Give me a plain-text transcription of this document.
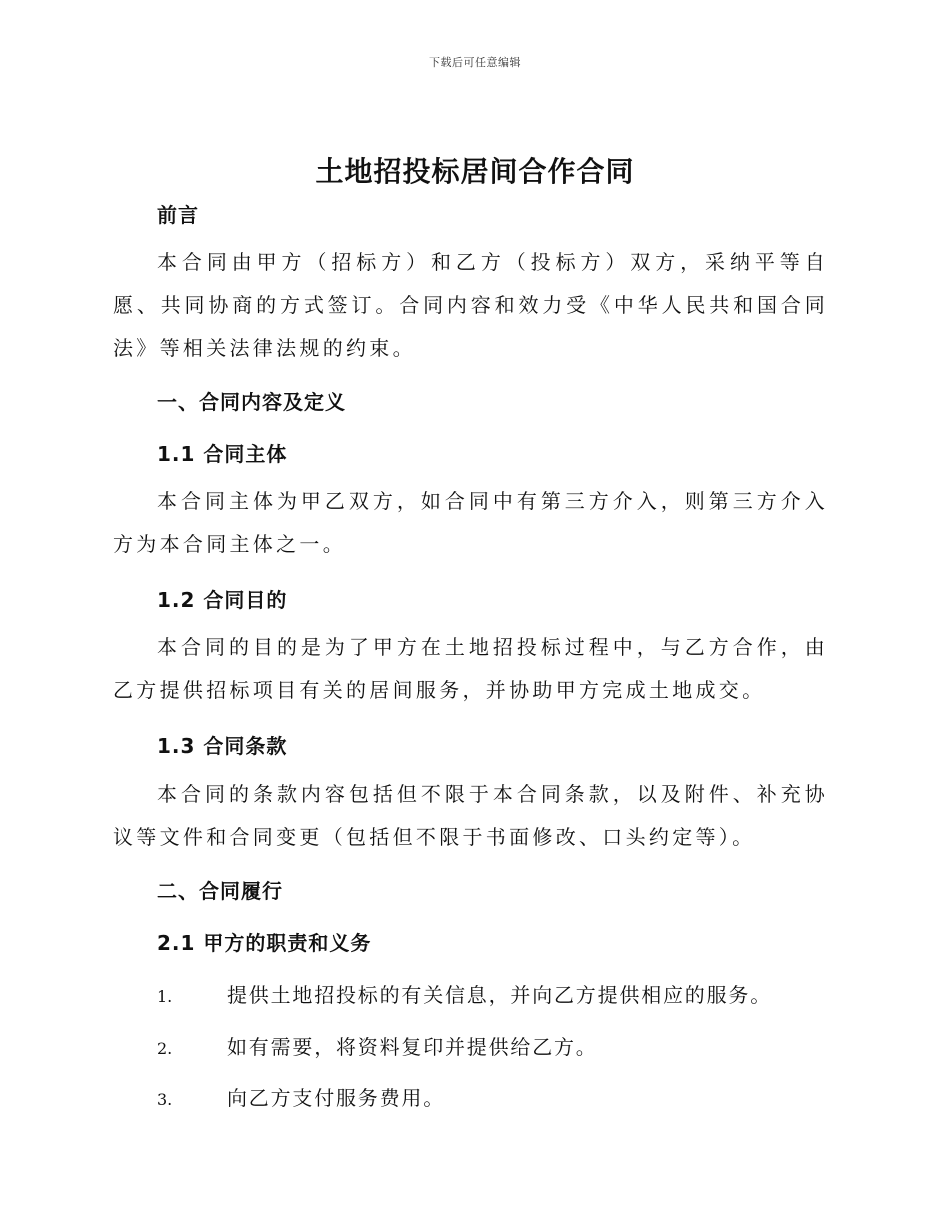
下载后可任意编辑
土地招投标居间合作合同
前言
本合同由甲方（招标方）和乙方（投标方）双方，采纳平等自愿、共同协商的方式签订。合同内容和效力受《中华人民共和国合同法》等相关法律法规的约束。
一、合同内容及定义
1.1 合同主体
本合同主体为甲乙双方，如合同中有第三方介入，则第三方介入方为本合同主体之一。
1.2 合同目的
本合同的目的是为了甲方在土地招投标过程中，与乙方合作，由乙方提供招标项目有关的居间服务，并协助甲方完成土地成交。
1.3 合同条款
本合同的条款内容包括但不限于本合同条款，以及附件、补充协议等文件和合同变更（包括但不限于书面修改、口头约定等）。
二、合同履行
2.1 甲方的职责和义务
1.	提供土地招投标的有关信息，并向乙方提供相应的服务。
2.	如有需要，将资料复印并提供给乙方。
3.	向乙方支付服务费用。
